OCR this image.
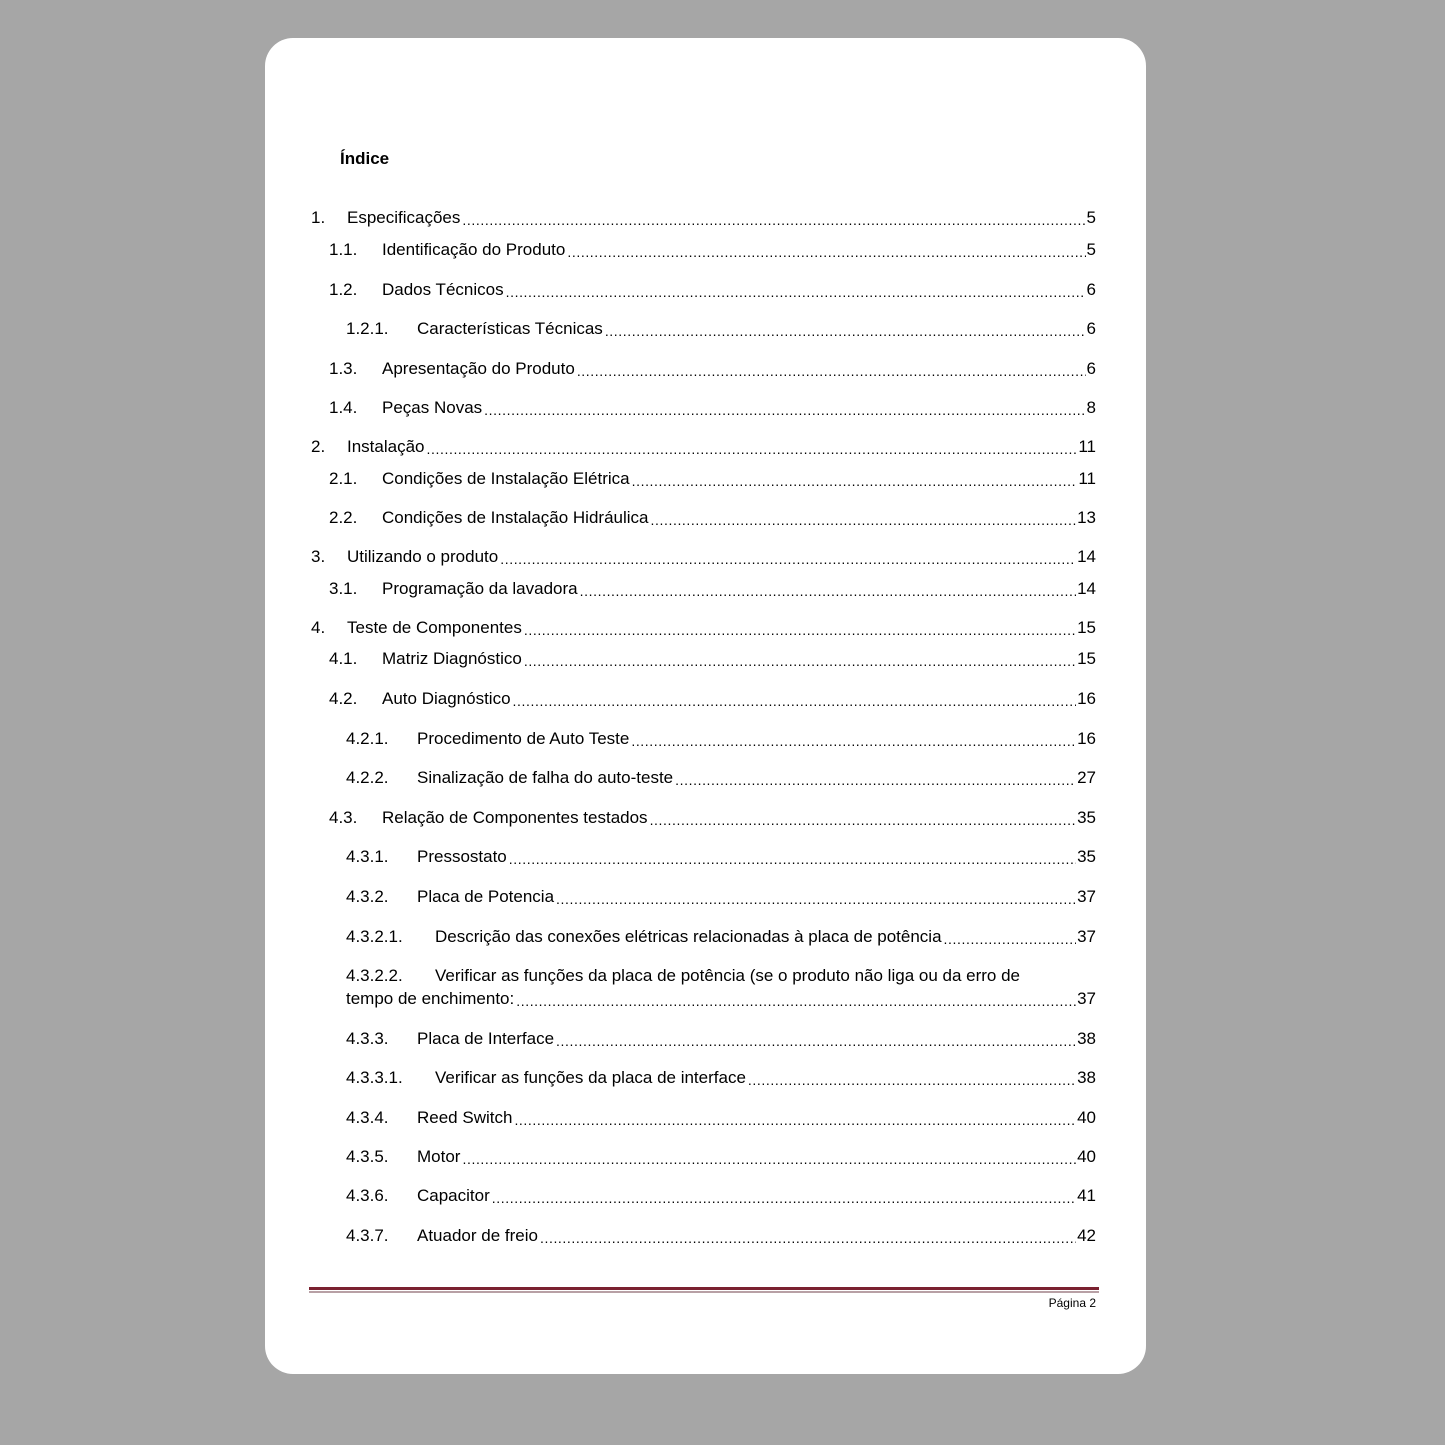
Índice
1.	Especificações .....	5
1.1.	Identificação do Produto .....	5
1.2.	Dados Técnicos .....	6
1.2.1.	Características Técnicas .....	6
1.3.	Apresentação do Produto .....	6
1.4.	Peças Novas .....	8
2.	Instalação .....	11
2.1.	Condições de Instalação Elétrica .....	11
2.2.	Condições de Instalação Hidráulica .....	13
3.	Utilizando o produto .....	14
3.1.	Programação da lavadora .....	14
4.	Teste de Componentes .....	15
4.1.	Matriz Diagnóstico .....	15
4.2.	Auto Diagnóstico .....	16
4.2.1.	Procedimento de Auto Teste .....	16
4.2.2.	Sinalização de falha do auto-teste .....	27
4.3.	Relação de Componentes testados .....	35
4.3.1.	Pressostato .....	35
4.3.2.	Placa de Potencia .....	37
4.3.2.1.	Descrição das conexões elétricas relacionadas à placa de potência .....	37
4.3.2.2.	Verificar as funções da placa de potência (se o produto não liga ou da erro de
tempo de enchimento: .....	37
4.3.3.	Placa de Interface .....	38
4.3.3.1.	Verificar as funções da placa de interface .....	38
4.3.4.	Reed Switch .....	40
4.3.5.	Motor .....	40
4.3.6.	Capacitor .....	41
4.3.7.	Atuador de freio .....	42
Página 2
